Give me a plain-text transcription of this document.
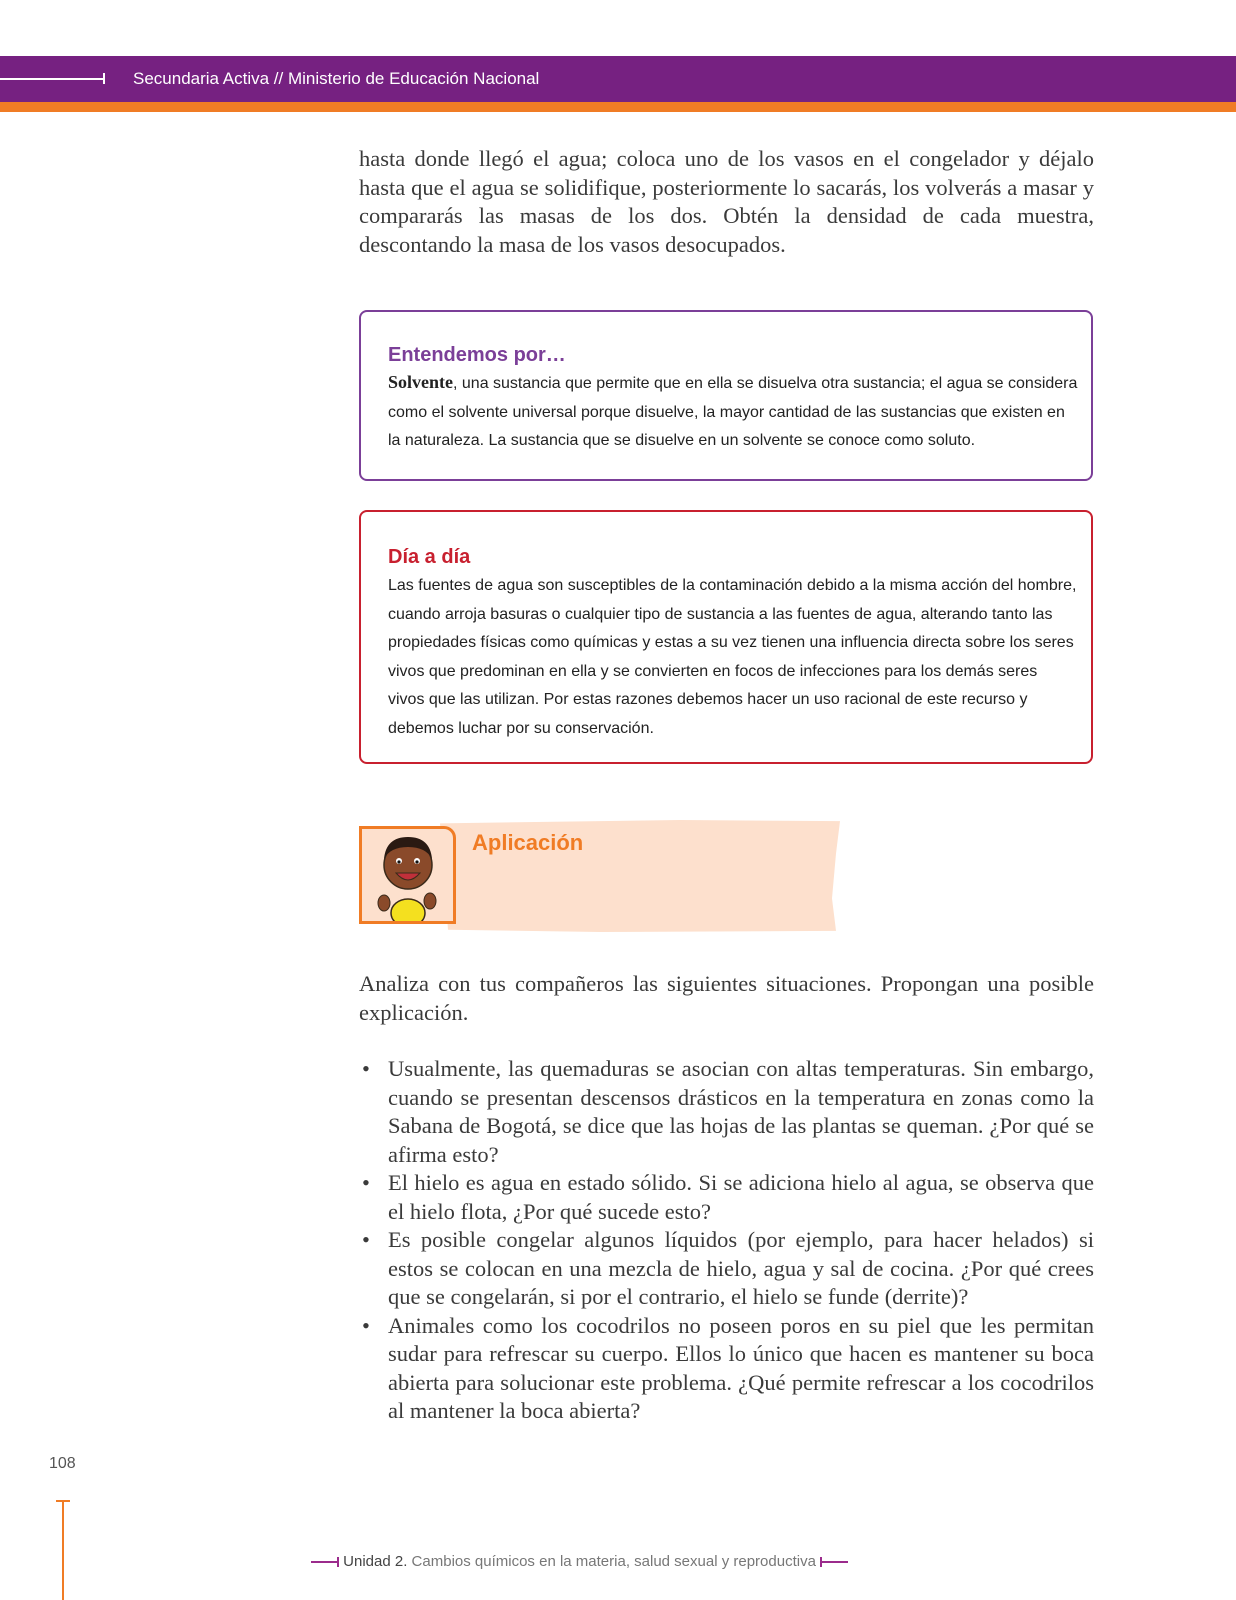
Secundaria Activa // Ministerio de Educación Nacional

hasta donde llegó el agua; coloca uno de los vasos en el congelador y déjalo hasta que el agua se solidifique, posteriormente lo sacarás, los volverás a masar y compararás las masas de los dos. Obtén la densidad de cada muestra, descontando la masa de los vasos desocupados.

Entendemos por…
Solvente, una sustancia que permite que en ella se disuelva otra sustancia; el agua se considera como el solvente universal porque disuelve, la mayor cantidad de las sustancias que existen en la naturaleza. La sustancia que se disuelve en un solvente se conoce como soluto.
Día a día
Las fuentes de agua son susceptibles de la contaminación debido a la misma acción del hombre, cuando arroja basuras o cualquier tipo de sustancia a las fuentes de agua, alterando tanto las propiedades físicas como químicas y estas a su vez tienen una influencia directa sobre los seres vivos que predominan en ella y se convierten en focos de infecciones para los demás seres vivos que las utilizan. Por estas razones debemos hacer un uso racional de este recurso y debemos luchar por su conservación.
Aplicación

Analiza con tus compañeros las siguientes situaciones. Propongan una posible explicación.

• Usualmente, las quemaduras se asocian con altas temperaturas. Sin embargo, cuando se presentan descensos drásticos en la temperatura en zonas como la Sabana de Bogotá, se dice que las hojas de las plantas se queman. ¿Por qué se afirma esto?
• El hielo es agua en estado sólido. Si se adiciona hielo al agua, se observa que el hielo flota, ¿Por qué sucede esto?
• Es posible congelar algunos líquidos (por ejemplo, para hacer helados) si estos se colocan en una mezcla de hielo, agua y sal de cocina. ¿Por qué crees que se congelarán, si por el contrario, el hielo se funde (derrite)?
• Animales como los cocodrilos no poseen poros en su piel que les permitan sudar para refrescar su cuerpo. Ellos lo único que hacen es mantener su boca abierta para solucionar este problema. ¿Qué permite refrescar a los cocodrilos al mantener la boca abierta?
108
Unidad 2. Cambios químicos en la materia, salud sexual y reproductiva
